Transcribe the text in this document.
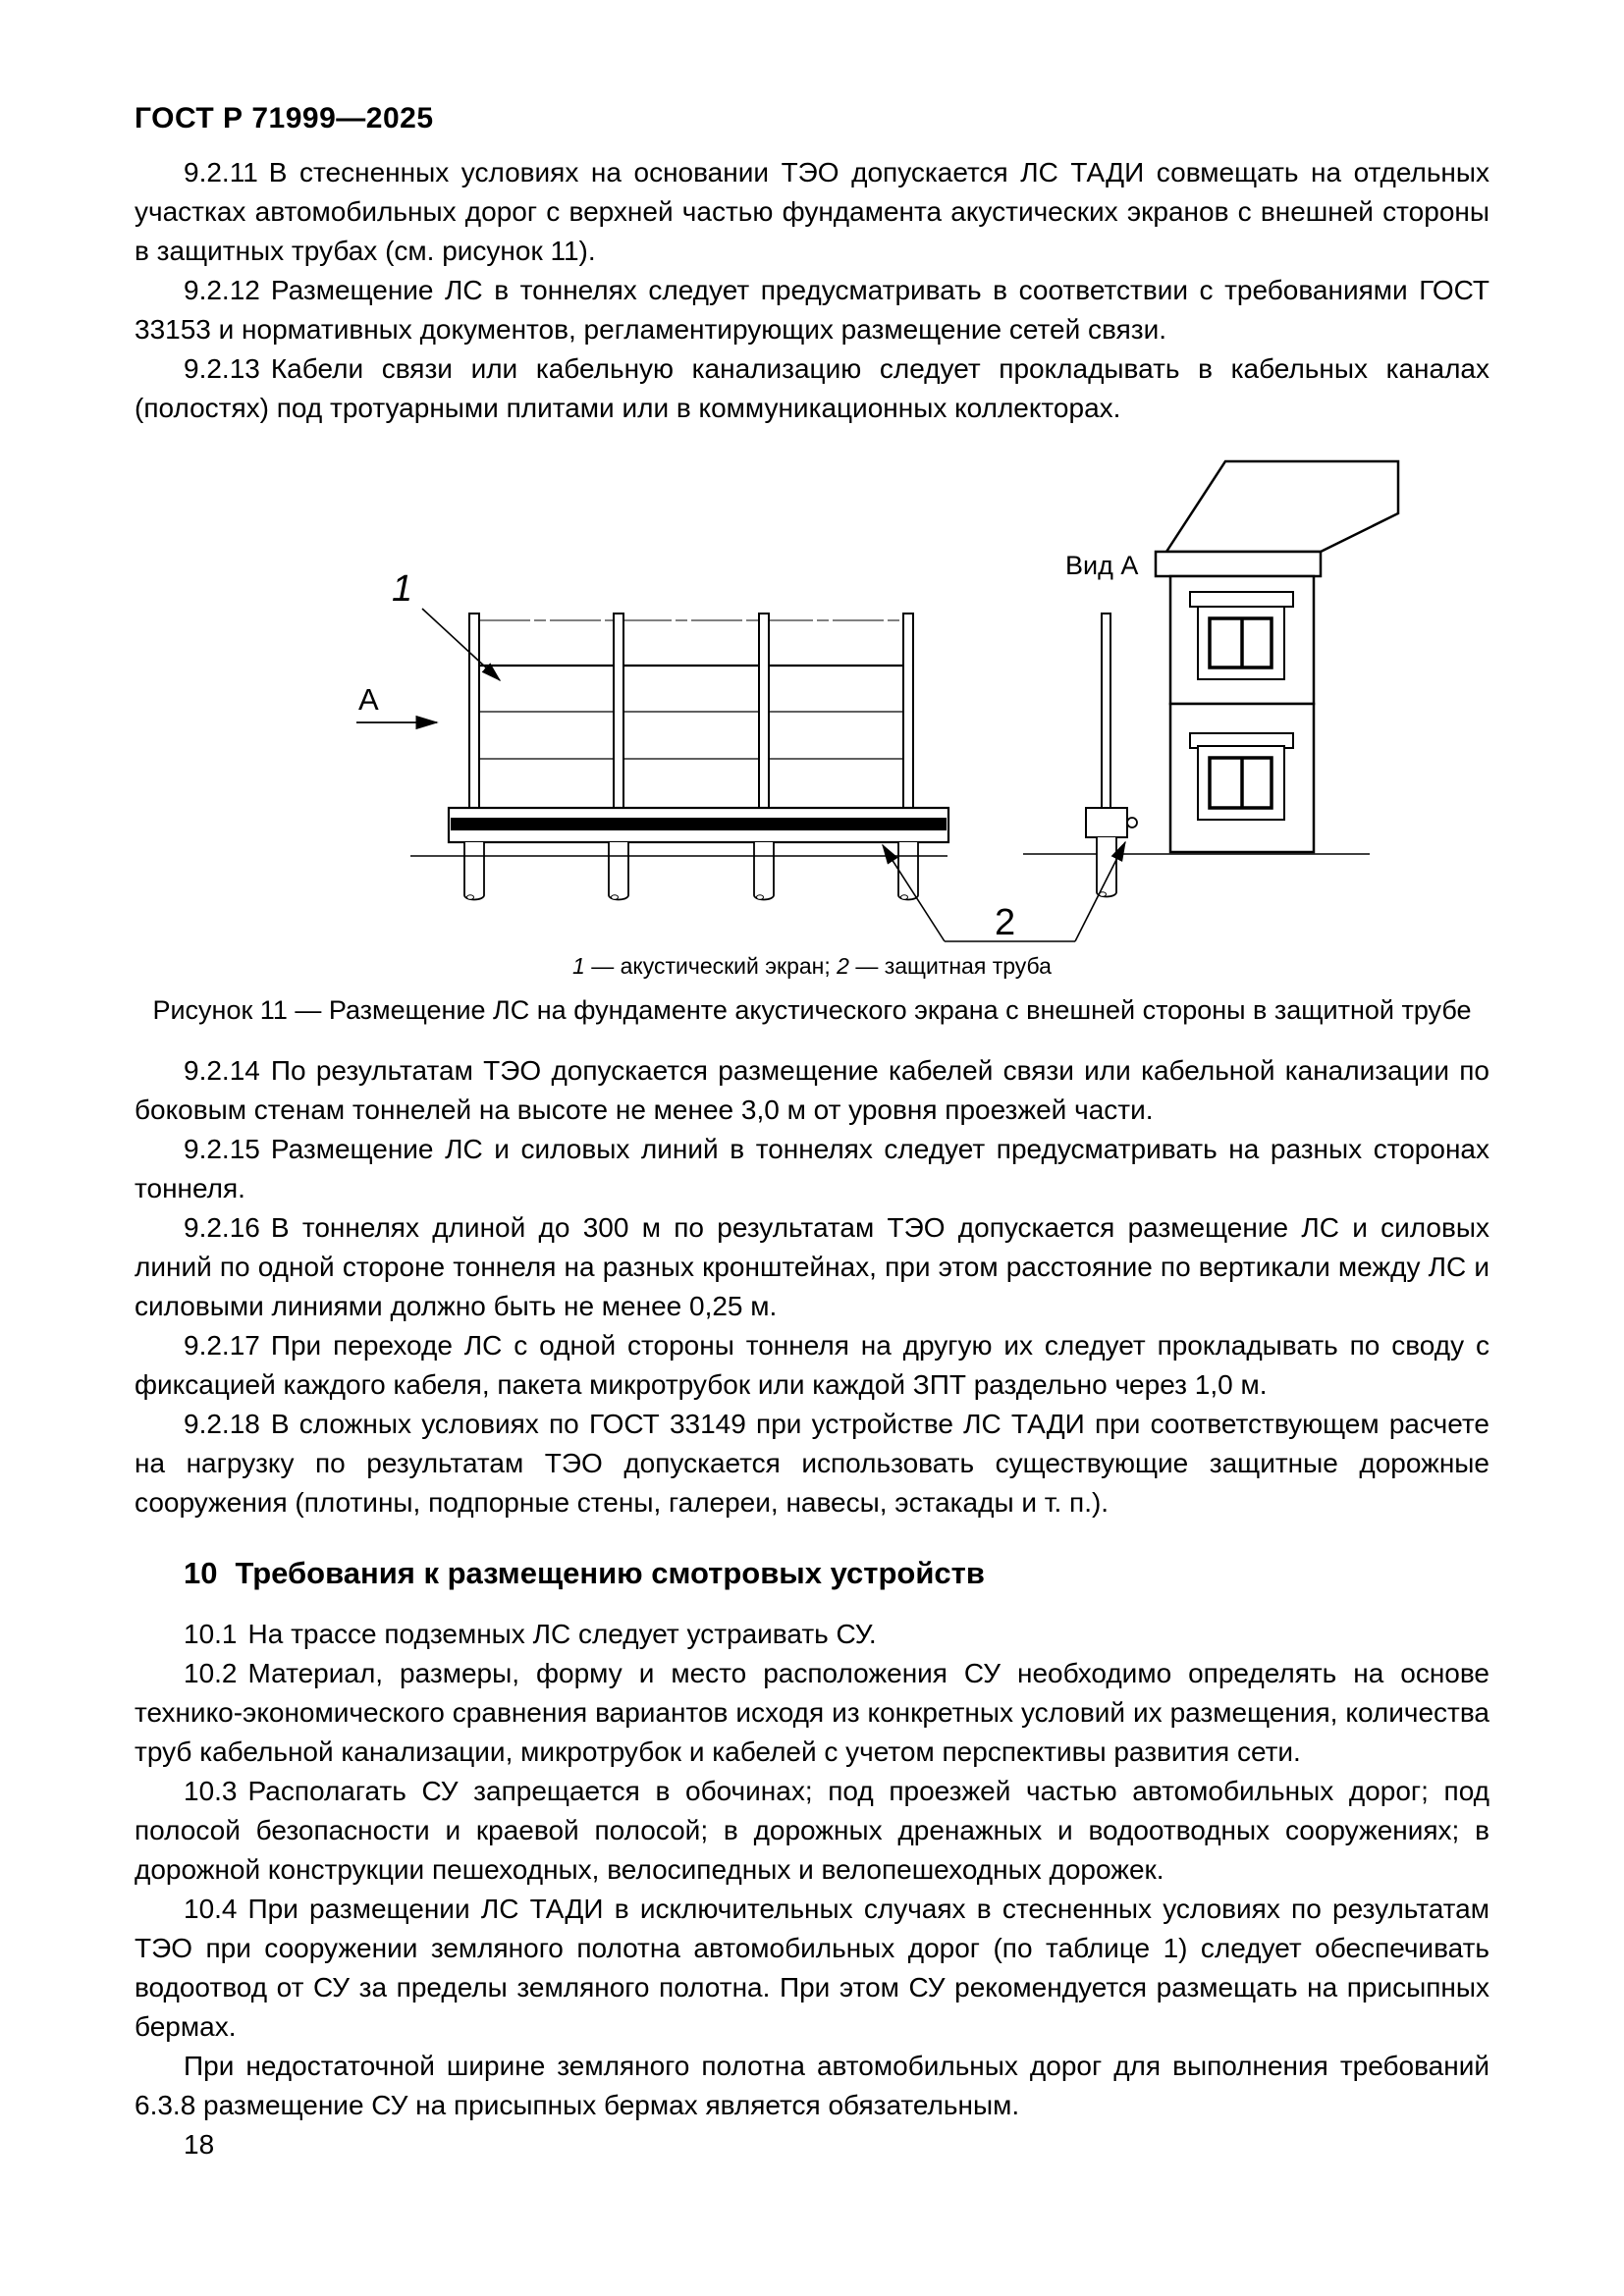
ГОСТ Р 71999—2025

9.2.11 В стесненных условиях на основании ТЭО допускается ЛС ТАДИ совмещать на отдельных участках автомобильных дорог с верхней частью фундамента акустических экранов с внешней стороны в защитных трубах (см. рисунок 11).

9.2.12 Размещение ЛС в тоннелях следует предусматривать в соответствии с требованиями ГОСТ 33153 и нормативных документов, регламентирующих размещение сетей связи.

9.2.13 Кабели связи или кабельную канализацию следует прокладывать в кабельных каналах (полостях) под тротуарными плитами или в коммуникационных коллекторах.

1
А
Вид А
2

1 — акустический экран; 2 — защитная труба

Рисунок 11 — Размещение ЛС на фундаменте акустического экрана с внешней стороны в защитной трубе

9.2.14 По результатам ТЭО допускается размещение кабелей связи или кабельной канализации по боковым стенам тоннелей на высоте не менее 3,0 м от уровня проезжей части.

9.2.15 Размещение ЛС и силовых линий в тоннелях следует предусматривать на разных сторонах тоннеля.

9.2.16 В тоннелях длиной до 300 м по результатам ТЭО допускается размещение ЛС и силовых линий по одной стороне тоннеля на разных кронштейнах, при этом расстояние по вертикали между ЛС и силовыми линиями должно быть не менее 0,25 м.

9.2.17 При переходе ЛС с одной стороны тоннеля на другую их следует прокладывать по своду с фиксацией каждого кабеля, пакета микротрубок или каждой ЗПТ раздельно через 1,0 м.

9.2.18 В сложных условиях по ГОСТ 33149 при устройстве ЛС ТАДИ при соответствующем расчете на нагрузку по результатам ТЭО допускается использовать существующие защитные дорожные сооружения (плотины, подпорные стены, галереи, навесы, эстакады и т. п.).

10 Требования к размещению смотровых устройств

10.1 На трассе подземных ЛС следует устраивать СУ.

10.2 Материал, размеры, форму и место расположения СУ необходимо определять на основе технико-экономического сравнения вариантов исходя из конкретных условий их размещения, количества труб кабельной канализации, микротрубок и кабелей с учетом перспективы развития сети.

10.3 Располагать СУ запрещается в обочинах; под проезжей частью автомобильных дорог; под полосой безопасности и краевой полосой; в дорожных дренажных и водоотводных сооружениях; в дорожной конструкции пешеходных, велосипедных и велопешеходных дорожек.

10.4 При размещении ЛС ТАДИ в исключительных случаях в стесненных условиях по результатам ТЭО при сооружении земляного полотна автомобильных дорог (по таблице 1) следует обеспечивать водоотвод от СУ за пределы земляного полотна. При этом СУ рекомендуется размещать на присыпных бермах.

При недостаточной ширине земляного полотна автомобильных дорог для выполнения требований 6.3.8 размещение СУ на присыпных бермах является обязательным.

18
